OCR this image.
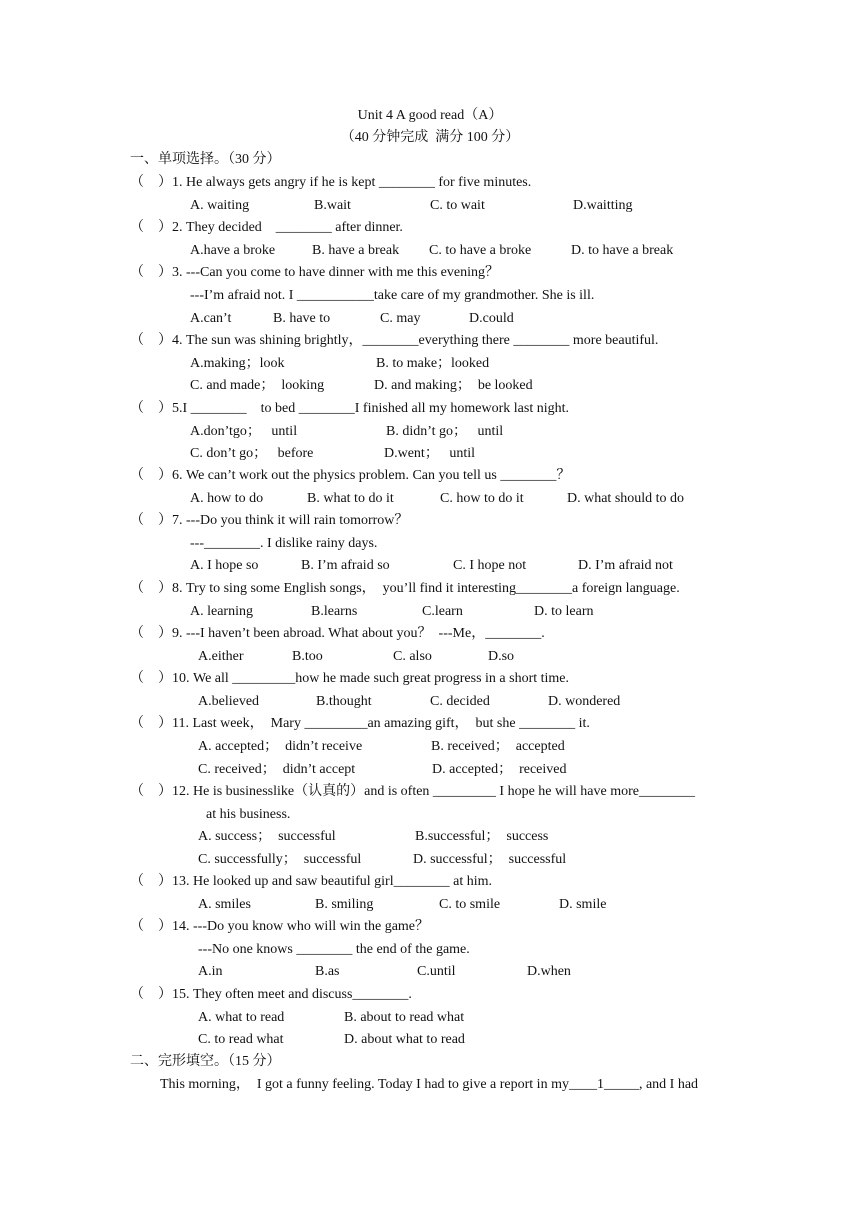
Unit 4 A good read（A）
（40 分钟完成  满分 100 分）
一、单项选择。（30 分）
（    ）1. He always gets angry if he is kept ________ for five minutes.
A. waiting	B.wait	C. to wait	D.waitting
（    ）2. They decided    ________ after dinner.
A.have a broke	B. have a break C. to have a broke	D. to have a break
（    ）3. ---Can you come to have dinner with me this evening？
---I’m afraid not. I ___________take care of my grandmother. She is ill.
A.can’t	B. have to	C. may	D.could
（    ）4. The sun was shining brightly，________everything there ________ more beautiful.
A.making；look	B. to make；looked
C. and made；  looking	D. and making；  be looked
（    ）5.I ________    to bed ________I finished all my homework last night.
A.don’tgo；   until	B. didn’t go；   until
C. don’t go；   before	D.went；   until
（    ）6. We can’t work out the physics problem. Can you tell us ________？
A. how to do	B. what to do it	C. how to do it	D. what should to do
（    ）7. ---Do you think it will rain tomorrow？
---________. I dislike rainy days.
A. I hope so	B. I’m afraid so	C. I hope not	D. I’m afraid not
（    ）8. Try to sing some English songs，  you’ll find it interesting________a foreign language.
A. learning	B.learns	C.learn	D. to learn
（    ）9. ---I haven’t been abroad. What about you？  ---Me，________.
A.either	B.too	C. also	D.so
（    ）10. We all _________how he made such great progress in a short time.
A.believed	B.thought	C. decided	D. wondered
（    ）11. Last week，  Mary _________an amazing gift，  but she ________ it.
A. accepted；  didn’t receive	B. received；  accepted
C. received；  didn’t accept	D. accepted；  received
（    ）12. He is businesslike（认真的）and is often _________ I hope he will have more________
at his business.
A. success；  successful	B.successful；  success
C. successfully；  successful	D. successful；  successful
（    ）13. He looked up and saw beautiful girl________ at him.
A. smiles	B. smiling	C. to smile	D. smile
（    ）14. ---Do you know who will win the game？
---No one knows ________ the end of the game.
A.in	B.as	C.until	D.when
（    ）15. They often meet and discuss________.
A. what to read	B. about to read what
C. to read what	D. about what to read
二、完形填空。（15 分）
This morning，  I got a funny feeling. Today I had to give a report in my____1_____, and I had
